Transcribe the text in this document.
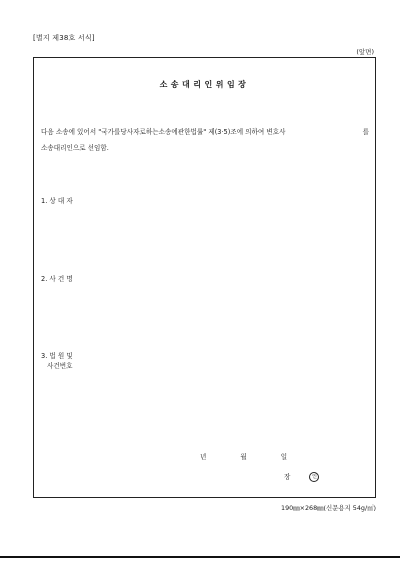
[별지 제38호 서식]
(앞면)
소송대리인위임장
다음 소송에 있어서 "국가를당사자로하는소송에관한법률" 제(3·5)조에 의하여 변호사	를
소송대리인으로 선임함.
1. 상 대 자
2. 사 건 명
3. 법 원 및
사건번호
년	월	일
장	인
190㎜×268㎜(신문용지 54g/㎡)
